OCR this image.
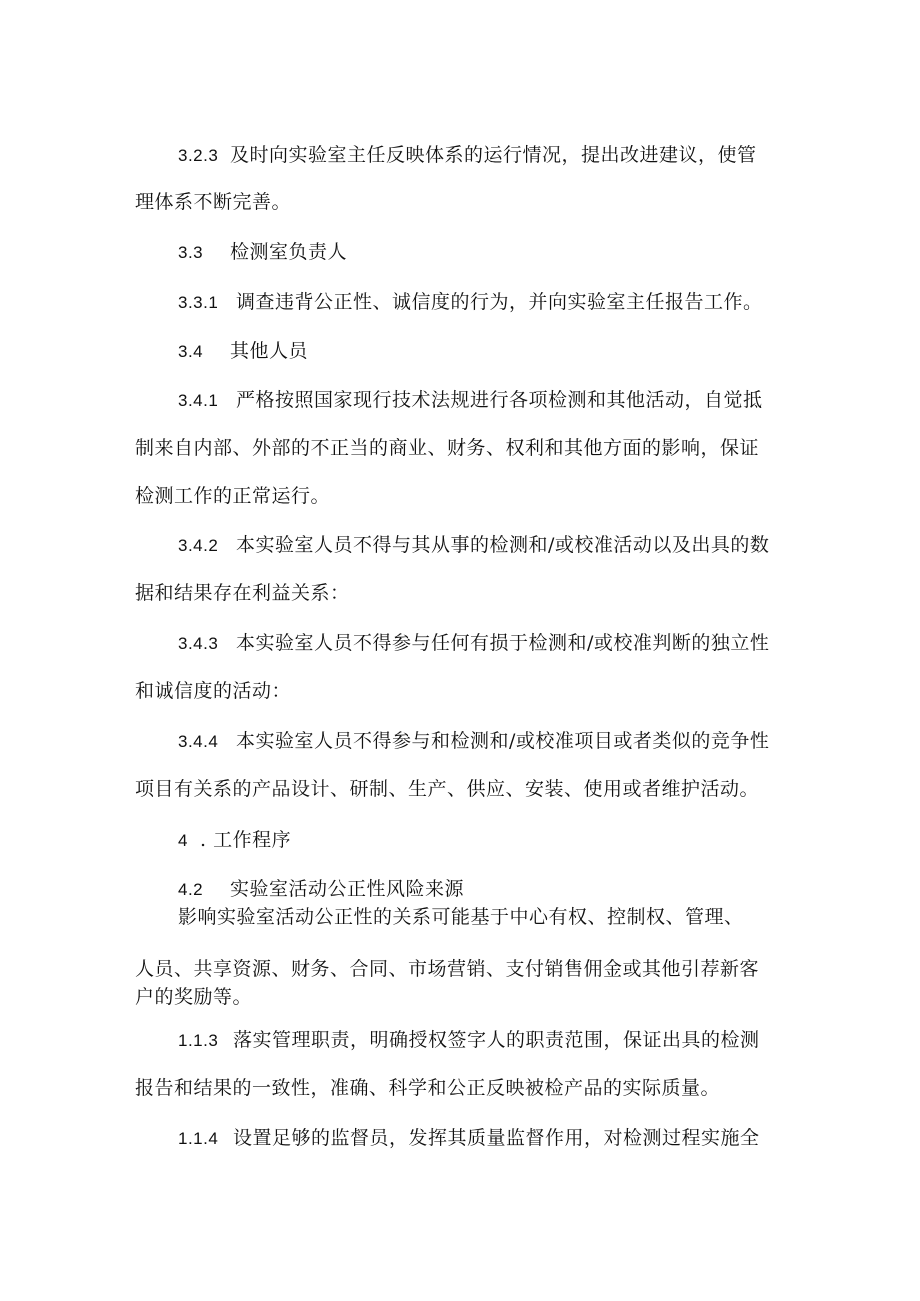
3.2.3 及时向实验室主任反映体系的运行情况，提出改进建议，使管
理体系不断完善。
3.3 检测室负责人
3.3.1 调查违背公正性、诚信度的行为，并向实验室主任报告工作。
3.4 其他人员
3.4.1 严格按照国家现行技术法规进行各项检测和其他活动，自觉抵
制来自内部、外部的不正当的商业、财务、权利和其他方面的影响，保证
检测工作的正常运行。
3.4.2 本实验室人员不得与其从事的检测和/或校准活动以及出具的数
据和结果存在利益关系：
3.4.3 本实验室人员不得参与任何有损于检测和/或校准判断的独立性
和诚信度的活动：
3.4.4 本实验室人员不得参与和检测和/或校准项目或者类似的竞争性
项目有关系的产品设计、研制、生产、供应、安装、使用或者维护活动。
4 . 工作程序
4.2 实验室活动公正性风险来源
影响实验室活动公正性的关系可能基于中心有权、控制权、管理、
人员、共享资源、财务、合同、市场营销、支付销售佣金或其他引荐新客
户的奖励等。
1.1.3 落实管理职责，明确授权签字人的职责范围，保证出具的检测
报告和结果的一致性，准确、科学和公正反映被检产品的实际质量。
1.1.4 设置足够的监督员，发挥其质量监督作用，对检测过程实施全
